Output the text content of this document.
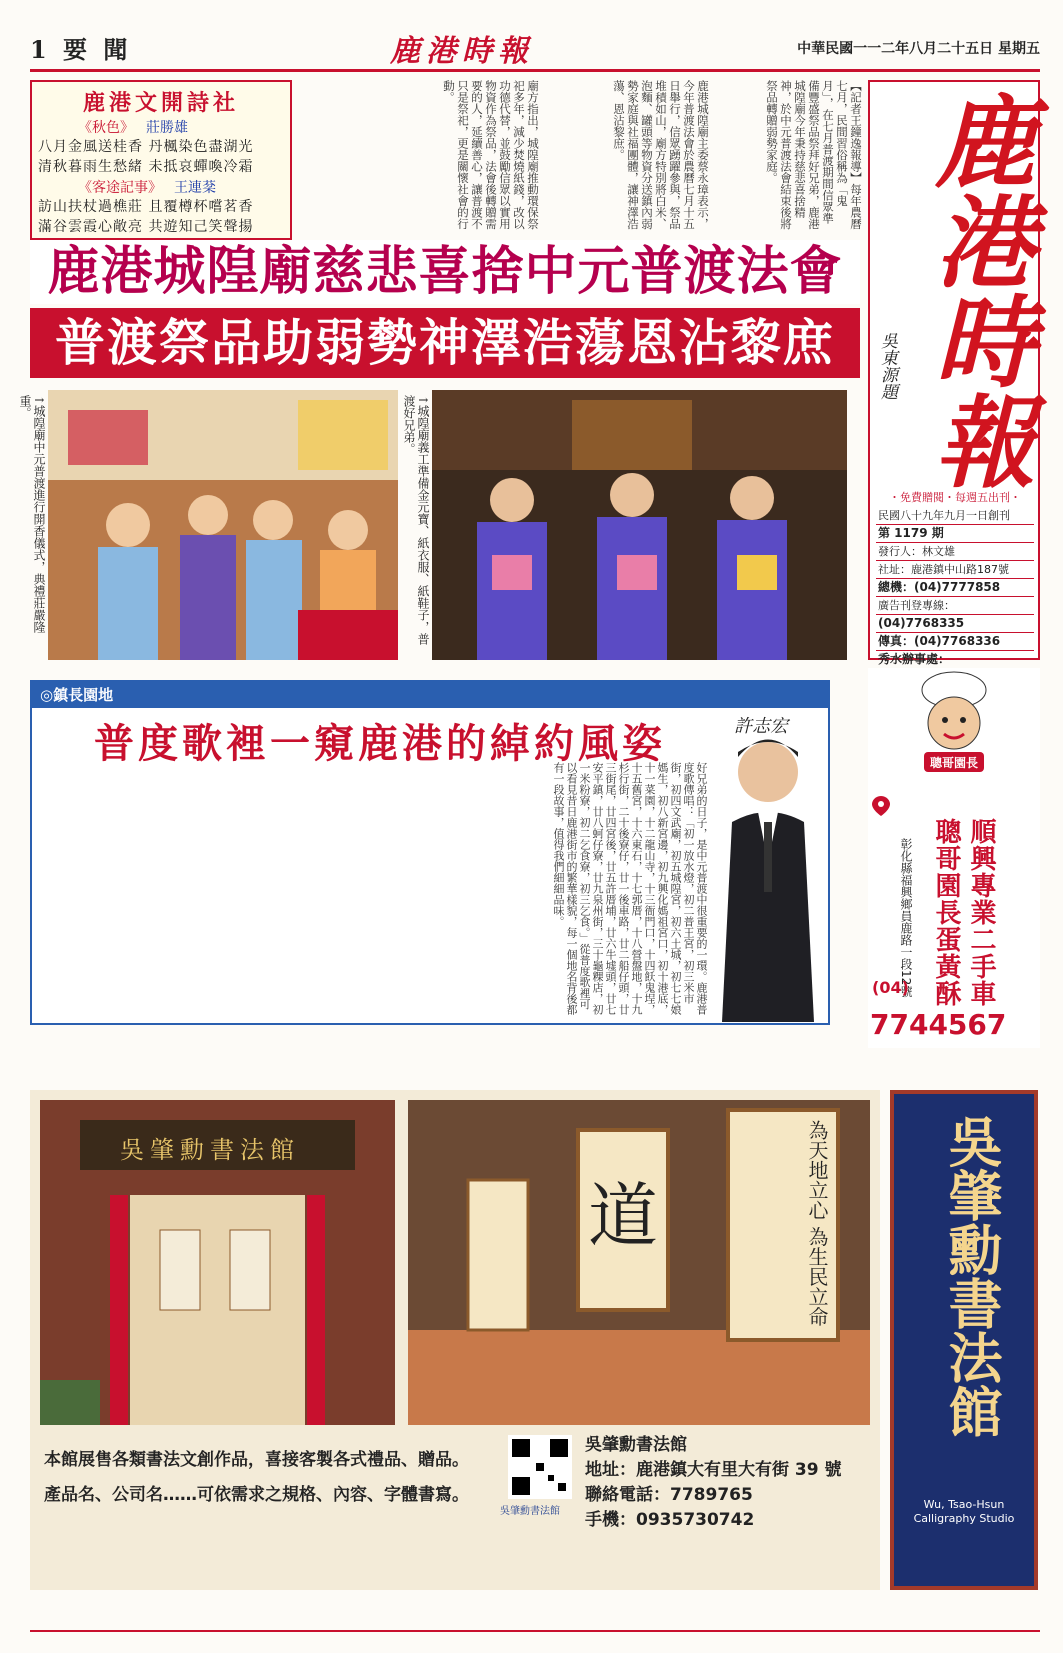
1 要 聞	鹿港時報	中華民國一一二年八月二十五日 星期五
鹿港時報
吳東源題
・免費贈閱・每週五出刊・
民國八十九年九月一日創刊
第 1179 期
發行人：林文雄
社址：鹿港鎮中山路187號
總機：(04)7777858
廣告刊登專線：
(04)7768335
傳真：(04)7768336
秀水辦事處：
鹿港文開詩社
《秋色》 莊勝雄
八月金風送桂香 丹楓染色盡湖光
清秋暮雨生愁緒 未抵哀蟬喚冷霜
《客途記事》 王連棻
訪山扶杖過樵莊 且覆樽杯嚐茗香
滿谷雲霞心敞亮 共遊知己笑聲揚	廟方指出，城隍廟推動環保祭祀多年，減少焚燒紙錢，改以功德代替，並鼓勵信眾以實用物資作為祭品，法會後轉贈需要的人，延續善心，讓普渡不只是祭祀，更是關懷社會的行動。	鹿港城隍廟主委蔡永璋表示，今年普渡法會於農曆七月十五日舉行，信眾踴躍參與，祭品堆積如山，廟方特別將白米、泡麵、罐頭等物資分送鎮內弱勢家庭與社福團體，讓神澤浩蕩、恩沾黎庶。	【記者王鐘逸報導】每年農曆七月，民間習俗稱為「鬼月」，在七月普渡期間信眾準備豐盛祭品祭拜好兄弟，鹿港城隍廟今年秉持慈悲喜捨精神，於中元普渡法會結束後將祭品轉贈弱勢家庭。
鹿港城隍廟慈悲喜捨中元普渡法會
普渡祭品助弱勢神澤浩蕩恩沾黎庶
↑城隍廟中元普渡進行開香儀式，典禮莊嚴隆重。	↑城隍廟義工準備金元寶、紙衣服、紙鞋子，普渡好兄弟。
◎鎮長園地
普度歌裡一窺鹿港的綽約風姿
好兄弟的日子，是中元普渡中很重要的一環。鹿港普度歌傳唱：「初一放水燈，初二普王宮，初三米市街，初四文武廟，初五城隍宮，初六土城，初七七娘媽生，初八新宮邊，初九興化媽祖宮口，初十港底，十一菜園，十二龍山寺，十三衙門口，十四飫鬼埕，十五舊宮，十六東石，十七郭厝，十八營盤地，十九杉行街，二十後寮仔，廿一後車路，廿二船仔頭，廿三街尾，廿四宮後，廿五許厝埔，廿六牛墟頭，廿七安平鎮，廿八蚵仔寮，廿九泉州街，三十龜粿店，初一米粉寮，初二乞食寮，初三乞食。」從普度歌裡可以看見昔日鹿港街市的繁華樣貌，每一個地名背後都有一段故事，值得我們細細品味。
許志宏
聰哥園長
順興專業二手車
聰哥園長蛋黃酥
彰化縣福興鄉員鹿路一段12號
(04)
7744567
吳肇勳書法館
道	為天地立心 為生民立命
本館展售各類書法文創作品，喜接客製各式禮品、贈品。
產品名、公司名……可依需求之規格、內容、字體書寫。
吳肇勳書法館
吳肇勳書法館
地址：鹿港鎮大有里大有街 39 號
聯絡電話：7789765
手機：0935730742
吳肇勳書法館
Wu, Tsao-Hsun
Calligraphy Studio
